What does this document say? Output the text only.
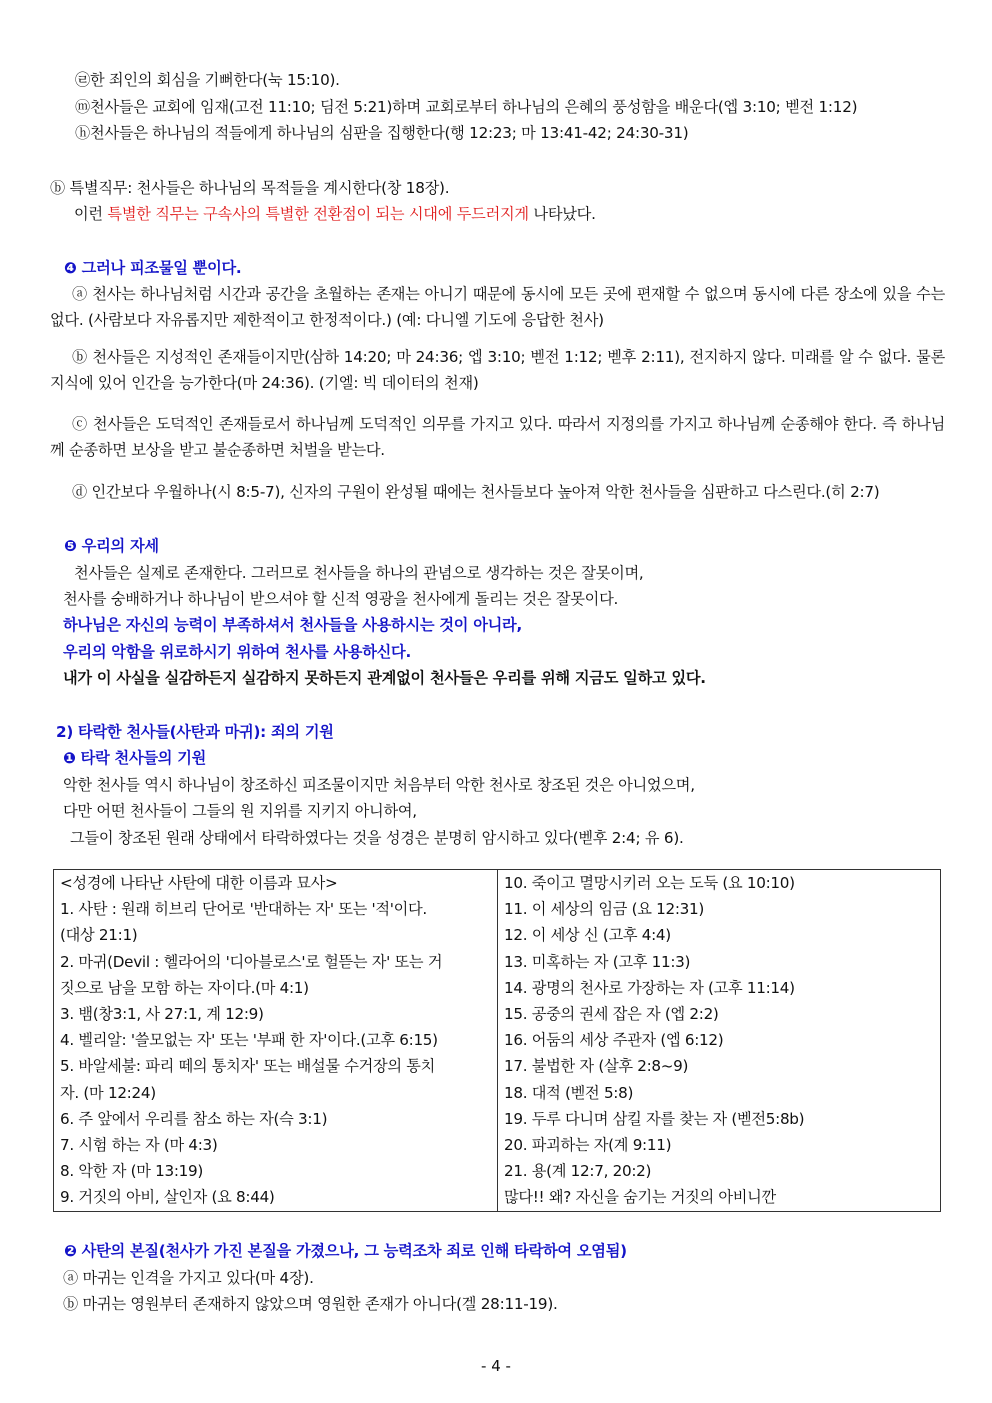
㉣한 죄인의 회심을 기뻐한다(눅 15:10).
ⓜ천사들은 교회에 임재(고전 11:10; 딤전 5:21)하며 교회로부터 하나님의 은혜의 풍성함을 배운다(엡 3:10; 벧전 1:12)
ⓗ천사들은 하나님의 적들에게 하나님의 심판을 집행한다(행 12:23; 마 13:41-42; 24:30-31)
ⓑ 특별직무: 천사들은 하나님의 목적들을 계시한다(창 18장).
이런 특별한 직무는 구속사의 특별한 전환점이 되는 시대에 두드러지게 나타났다.
❹ 그러나 피조물일 뿐이다.
ⓐ 천사는 하나님처럼 시간과 공간을 초월하는 존재는 아니기 때문에 동시에 모든 곳에 편재할 수 없으며 동시에 다른 장소에 있을 수는 없다. (사람보다 자유롭지만 제한적이고 한정적이다.) (예: 다니엘 기도에 응답한 천사)
ⓑ 천사들은 지성적인 존재들이지만(삼하 14:20; 마 24:36; 엡 3:10; 벧전 1:12; 벧후 2:11), 전지하지 않다. 미래를 알 수 없다. 물론 지식에 있어 인간을 능가한다(마 24:36). (기엘: 빅 데이터의 천재)
ⓒ 천사들은 도덕적인 존재들로서 하나님께 도덕적인 의무를 가지고 있다. 따라서 지정의를 가지고 하나님께 순종해야 한다. 즉 하나님께 순종하면 보상을 받고 불순종하면 처벌을 받는다.
ⓓ 인간보다 우월하나(시 8:5-7), 신자의 구원이 완성될 때에는 천사들보다 높아져 악한 천사들을 심판하고 다스린다.(히 2:7)
❺ 우리의 자세
천사들은 실제로 존재한다. 그러므로 천사들을 하나의 관념으로 생각하는 것은 잘못이며,
천사를 숭배하거나 하나님이 받으셔야 할 신적 영광을 천사에게 돌리는 것은 잘못이다.
하나님은 자신의 능력이 부족하셔서 천사들을 사용하시는 것이 아니라,
우리의 악함을 위로하시기 위하여 천사를 사용하신다.
내가 이 사실을 실감하든지 실감하지 못하든지 관계없이 천사들은 우리를 위해 지금도 일하고 있다.
2) 타락한 천사들(사탄과 마귀): 죄의 기원
❶ 타락 천사들의 기원
악한 천사들 역시 하나님이 창조하신 피조물이지만 처음부터 악한 천사로 창조된 것은 아니었으며,
다만 어떤 천사들이 그들의 원 지위를 지키지 아니하여,
그들이 창조된 원래 상태에서 타락하였다는 것을 성경은 분명히 암시하고 있다(벧후 2:4; 유 6).
<성경에 나타난 사탄에 대한 이름과 묘사>
1. 사탄 : 원래 히브리 단어로 '반대하는 자' 또는 '적'이다.
(대상 21:1)
2. 마귀(Devil : 헬라어의 '디아블로스'로 헐뜯는 자' 또는 거
짓으로 남을 모함 하는 자이다.(마 4:1)
3. 뱀(창3:1, 사 27:1, 계 12:9)
4. 벨리알: '쓸모없는 자' 또는 '부패 한 자'이다.(고후 6:15)
5. 바알세불: 파리 떼의 통치자' 또는 배설물 수거장의 통치
자. (마 12:24)
6. 주 앞에서 우리를 참소 하는 자(슥 3:1)
7. 시험 하는 자 (마 4:3)
8. 악한 자 (마 13:19)
9. 거짓의 아비, 살인자 (요 8:44)

10. 죽이고 멸망시키러 오는 도둑 (요 10:10)
11. 이 세상의 임금 (요 12:31)
12. 이 세상 신 (고후 4:4)
13. 미혹하는 자 (고후 11:3)
14. 광명의 천사로 가장하는 자 (고후 11:14)
15. 공중의 권세 잡은 자 (엡 2:2)
16. 어둠의 세상 주관자 (엡 6:12)
17. 불법한 자 (살후 2:8~9)
18. 대적 (벧전 5:8)
19. 두루 다니며 삼킬 자를 찾는 자 (벧전5:8b)
20. 파괴하는 자(계 9:11)
21. 용(계 12:7, 20:2)
많다!! 왜? 자신을 숨기는 거짓의 아비니깐
❷ 사탄의 본질(천사가 가진 본질을 가졌으나, 그 능력조차 죄로 인해 타락하여 오염됨)
ⓐ 마귀는 인격을 가지고 있다(마 4장).
ⓑ 마귀는 영원부터 존재하지 않았으며 영원한 존재가 아니다(겔 28:11-19).
- 4 -
